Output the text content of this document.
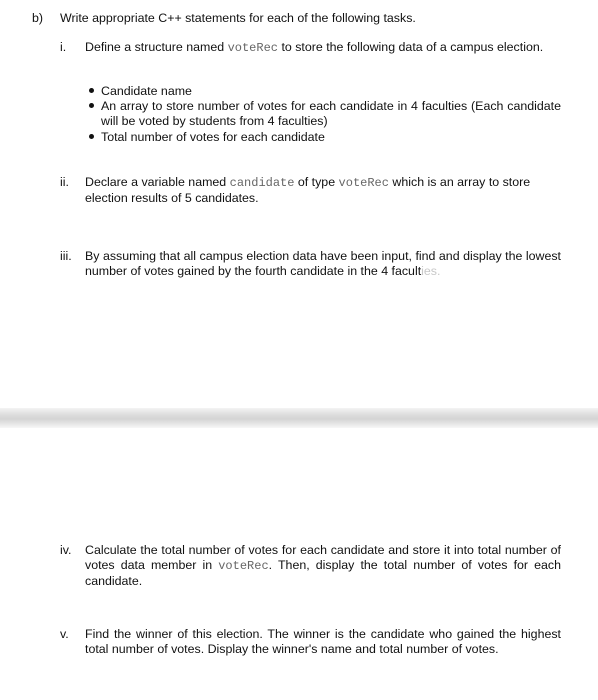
b) Write appropriate C++ statements for each of the following tasks.
i. Define a structure named voteRec to store the following data of a campus election.
Candidate name
An array to store number of votes for each candidate in 4 faculties (Each candidate will be voted by students from 4 faculties)
Total number of votes for each candidate
ii. Declare a variable named candidate of type voteRec which is an array to store election results of 5 candidates.
iii. By assuming that all campus election data have been input, find and display the lowest number of votes gained by the fourth candidate in the 4 faculties.
iv. Calculate the total number of votes for each candidate and store it into total number of votes data member in voteRec. Then, display the total number of votes for each candidate.
v. Find the winner of this election. The winner is the candidate who gained the highest total number of votes. Display the winner's name and total number of votes.
